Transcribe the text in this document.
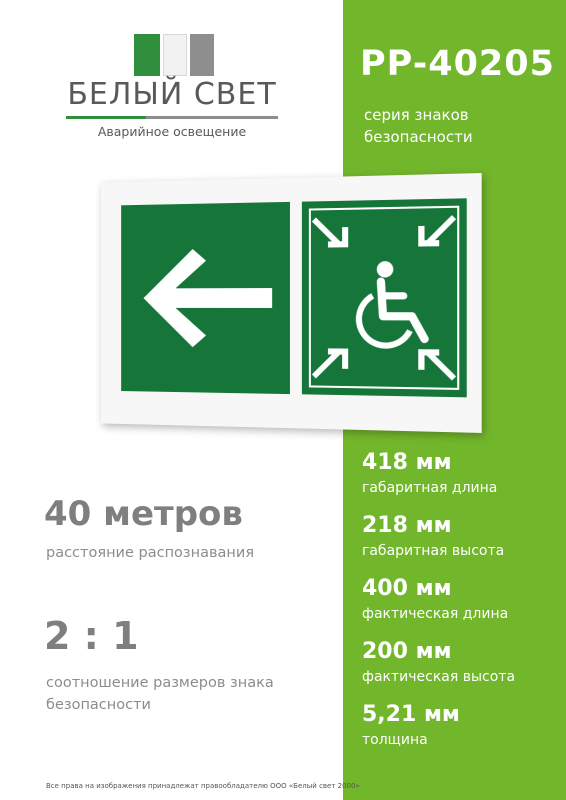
БЕЛЫЙ СВЕТ
Аварийное освещение
PP-40205
серия знаков безопасности
418 мм
габаритная длина
218 мм
габаритная высота
400 мм
фактическая длина
200 мм
фактическая высота
5,21 мм
толщина
40 метров
расстояние распознавания
2 : 1
соотношение размеров знака безопасности
Все права на изображения принадлежат правообладателю ООО «Белый свет 2000»
